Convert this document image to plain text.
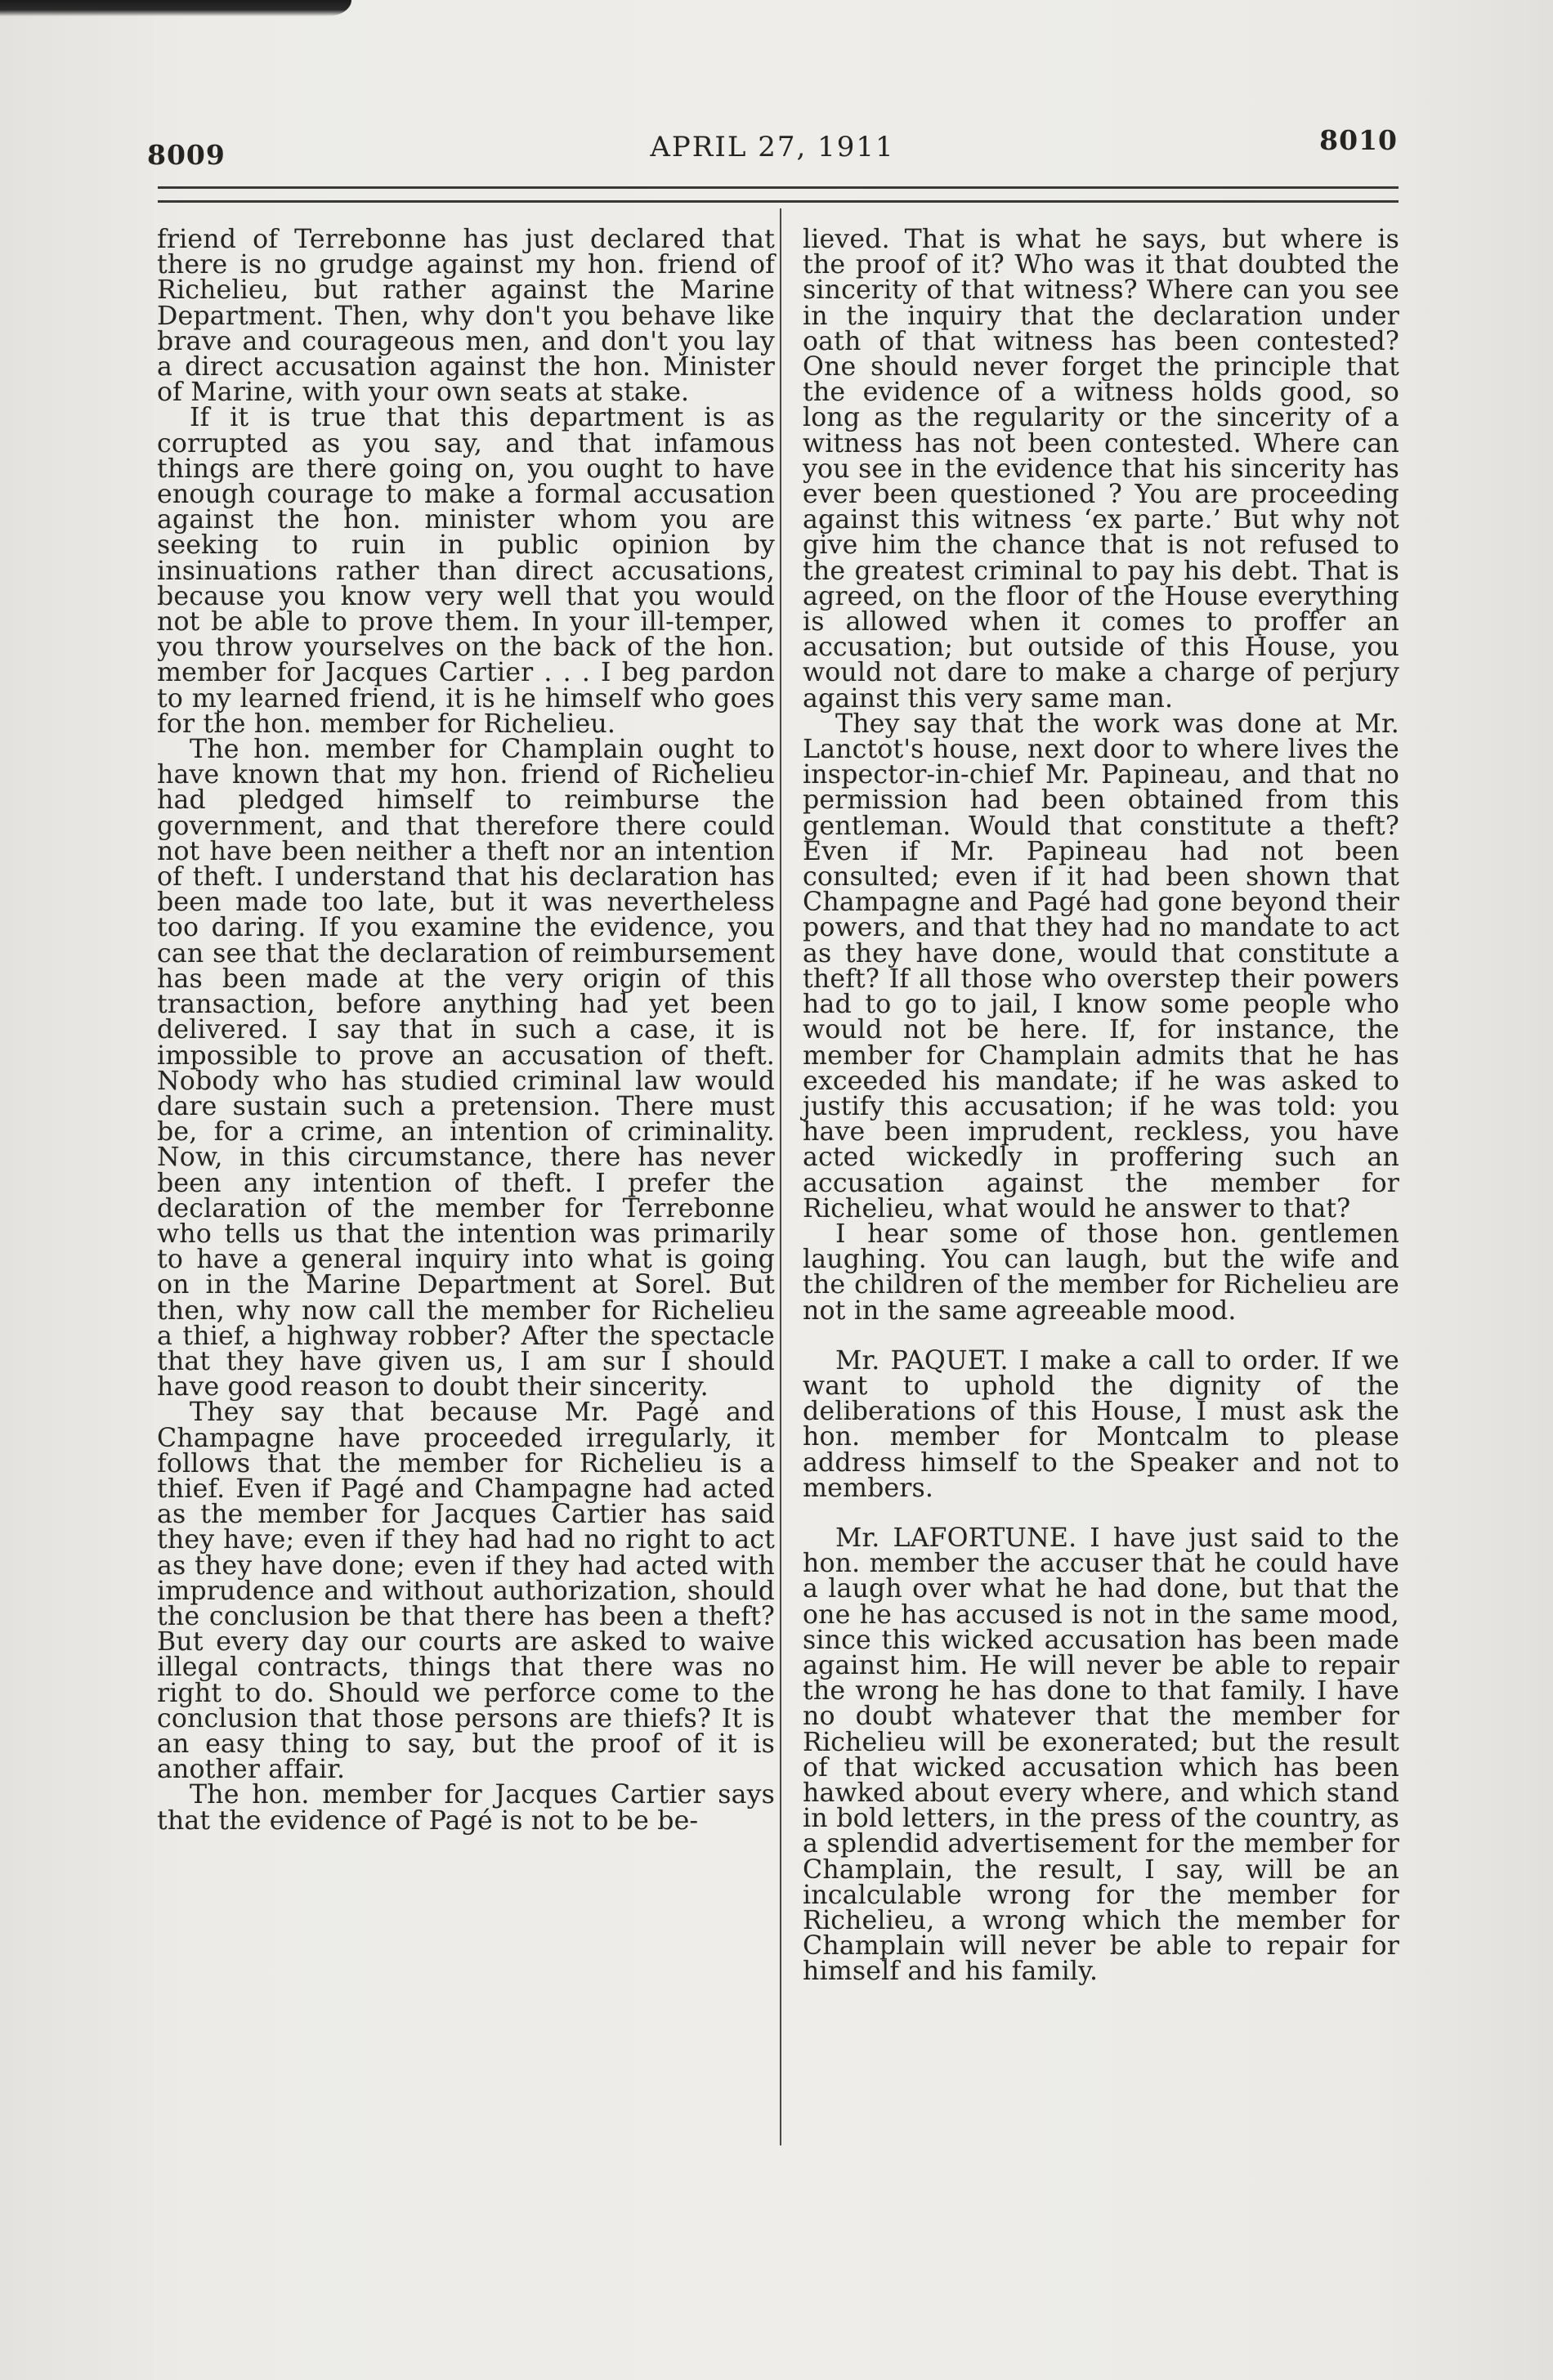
8009	APRIL 27, 1911	8010

friend of Terrebonne has just declared that there is no grudge against my hon. friend of Richelieu, but rather against the Marine Department. Then, why don't you behave like brave and courageous men, and don't you lay a direct accusation against the hon. Minister of Marine, with your own seats at stake.

If it is true that this department is as corrupted as you say, and that infamous things are there going on, you ought to have enough courage to make a formal accusation against the hon. minister whom you are seeking to ruin in public opinion by insinuations rather than direct accusations, because you know very well that you would not be able to prove them. In your ill-temper, you throw yourselves on the back of the hon. member for Jacques Cartier . . . I beg pardon to my learned friend, it is he himself who goes for the hon. member for Richelieu.

The hon. member for Champlain ought to have known that my hon. friend of Richelieu had pledged himself to reimburse the government, and that therefore there could not have been neither a theft nor an intention of theft. I understand that his declaration has been made too late, but it was nevertheless too daring. If you examine the evidence, you can see that the declaration of reimbursement has been made at the very origin of this transaction, before anything had yet been delivered. I say that in such a case, it is impossible to prove an accusation of theft. Nobody who has studied criminal law would dare sustain such a pretension. There must be, for a crime, an intention of criminality. Now, in this circumstance, there has never been any intention of theft. I prefer the declaration of the member for Terrebonne who tells us that the intention was primarily to have a general inquiry into what is going on in the Marine Department at Sorel. But then, why now call the member for Richelieu a thief, a highway robber? After the spectacle that they have given us, I am sur I should have good reason to doubt their sincerity.

They say that because Mr. Pagé and Champagne have proceeded irregularly, it follows that the member for Richelieu is a thief. Even if Pagé and Champagne had acted as the member for Jacques Cartier has said they have; even if they had had no right to act as they have done; even if they had acted with imprudence and without authorization, should the conclusion be that there has been a theft? But every day our courts are asked to waive illegal contracts, things that there was no right to do. Should we perforce come to the conclusion that those persons are thiefs? It is an easy thing to say, but the proof of it is another affair.

The hon. member for Jacques Cartier says that the evidence of Pagé is not to be be-

lieved. That is what he says, but where is the proof of it? Who was it that doubted the sincerity of that witness? Where can you see in the inquiry that the declaration under oath of that witness has been contested? One should never forget the principle that the evidence of a witness holds good, so long as the regularity or the sincerity of a witness has not been contested. Where can you see in the evidence that his sincerity has ever been questioned ? You are proceeding against this witness ‘ex parte.’ But why not give him the chance that is not refused to the greatest criminal to pay his debt. That is agreed, on the floor of the House everything is allowed when it comes to proffer an accusation; but outside of this House, you would not dare to make a charge of perjury against this very same man.

They say that the work was done at Mr. Lanctot's house, next door to where lives the inspector-in-chief Mr. Papineau, and that no permission had been obtained from this gentleman. Would that constitute a theft? Even if Mr. Papineau had not been consulted; even if it had been shown that Champagne and Pagé had gone beyond their powers, and that they had no mandate to act as they have done, would that constitute a theft? If all those who overstep their powers had to go to jail, I know some people who would not be here. If, for instance, the member for Champlain admits that he has exceeded his mandate; if he was asked to justify this accusation; if he was told: you have been imprudent, reckless, you have acted wickedly in proffering such an accusation against the member for Richelieu, what would he answer to that?

I hear some of those hon. gentlemen laughing. You can laugh, but the wife and the children of the member for Richelieu are not in the same agreeable mood.

Mr. PAQUET. I make a call to order. If we want to uphold the dignity of the deliberations of this House, I must ask the hon. member for Montcalm to please address himself to the Speaker and not to members.

Mr. LAFORTUNE. I have just said to the hon. member the accuser that he could have a laugh over what he had done, but that the one he has accused is not in the same mood, since this wicked accusation has been made against him. He will never be able to repair the wrong he has done to that family. I have no doubt whatever that the member for Richelieu will be exonerated; but the result of that wicked accusation which has been hawked about every where, and which stand in bold letters, in the press of the country, as a splendid advertisement for the member for Champlain, the result, I say, will be an incalculable wrong for the member for Richelieu, a wrong which the member for Champlain will never be able to repair for himself and his family.
